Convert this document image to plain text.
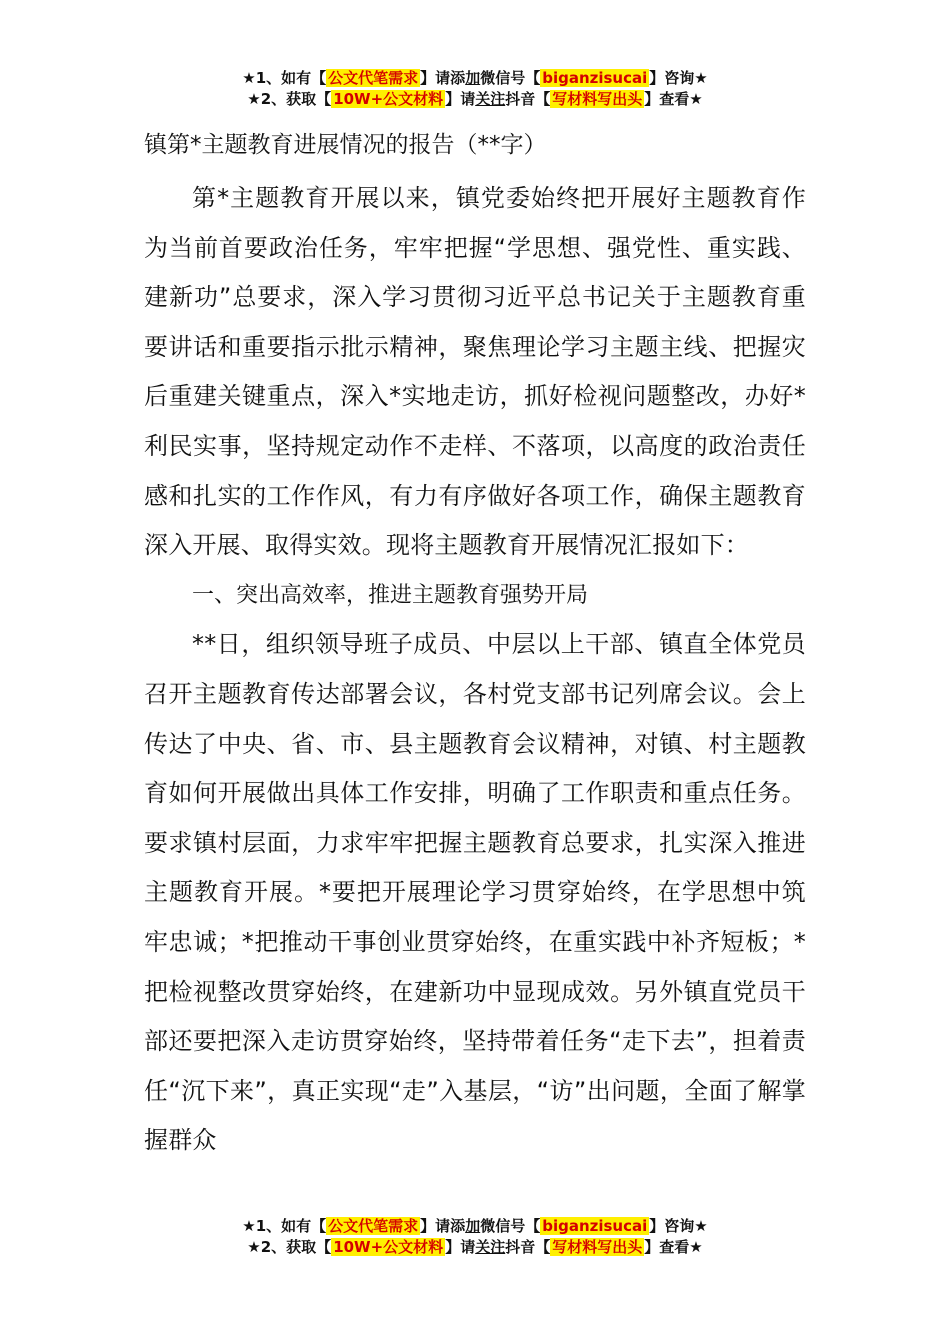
★1、如有【 公文代笔需求 】请添加微信号【 biganzisucai 】咨询★
★2、获取【 10W+公文材料 】请关注抖音【 写材料写出头 】查看★

镇第*主题教育进展情况的报告（**字）

第*主题教育开展以来，镇党委始终把开展好主题教育作为当前首要政治任务，牢牢把握“学思想、强党性、重实践、建新功”总要求，深入学习贯彻习近平总书记关于主题教育重要讲话和重要指示批示精神，聚焦理论学习主题主线、把握灾后重建关键重点，深入*实地走访，抓好检视问题整改，办好*利民实事，坚持规定动作不走样、不落项，以高度的政治责任感和扎实的工作作风，有力有序做好各项工作，确保主题教育深入开展、取得实效。现将主题教育开展情况汇报如下：

一、突出高效率，推进主题教育强势开局

**日，组织领导班子成员、中层以上干部、镇直全体党员召开主题教育传达部署会议，各村党支部书记列席会议。会上传达了中央、省、市、县主题教育会议精神，对镇、村主题教育如何开展做出具体工作安排，明确了工作职责和重点任务。要求镇村层面，力求牢牢把握主题教育总要求，扎实深入推进主题教育开展。*要把开展理论学习贯穿始终，在学思想中筑牢忠诚；*把推动干事创业贯穿始终，在重实践中补齐短板；*把检视整改贯穿始终，在建新功中显现成效。另外镇直党员干部还要把深入走访贯穿始终，坚持带着任务“走下去”，担着责任“沉下来”，真正实现“走”入基层，“访”出问题，全面了解掌握群众

★1、如有【 公文代笔需求 】请添加微信号【 biganzisucai 】咨询★
★2、获取【 10W+公文材料 】请关注抖音【 写材料写出头 】查看★
